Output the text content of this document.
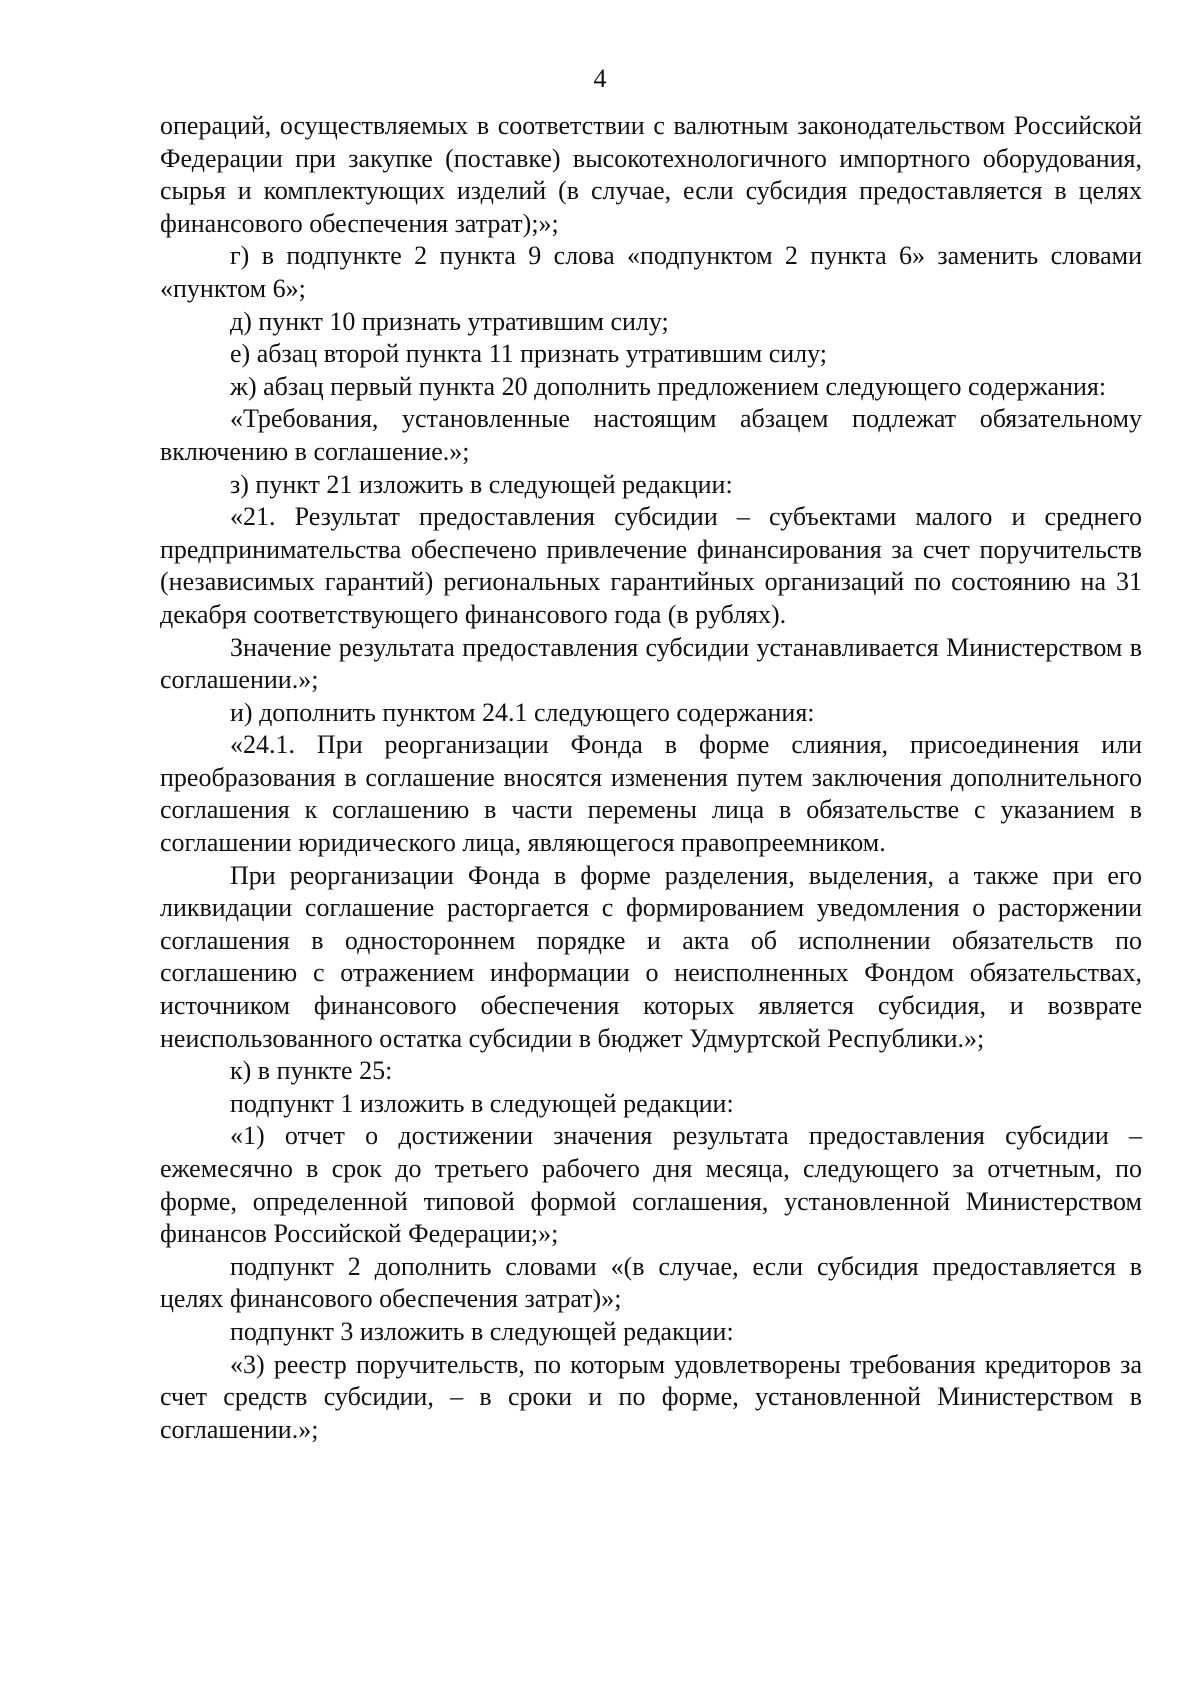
4

операций, осуществляемых в соответствии с валютным законодательством Российской Федерации при закупке (поставке) высокотехнологичного импортного оборудования, сырья и комплектующих изделий (в случае, если субсидия предоставляется в целях финансового обеспечения затрат);»;

г) в подпункте 2 пункта 9 слова «подпунктом 2 пункта 6» заменить словами «пунктом 6»;

д) пункт 10 признать утратившим силу;

е) абзац второй пункта 11 признать утратившим силу;

ж) абзац первый пункта 20 дополнить предложением следующего содержания:

«Требования, установленные настоящим абзацем подлежат обязательному включению в соглашение.»;

з) пункт 21 изложить в следующей редакции:

«21. Результат предоставления субсидии – субъектами малого и среднего предпринимательства обеспечено привлечение финансирования за счет поручительств (независимых гарантий) региональных гарантийных организаций по состоянию на 31 декабря соответствующего финансового года (в рублях).

Значение результата предоставления субсидии устанавливается Министерством в соглашении.»;

и) дополнить пунктом 24.1 следующего содержания:

«24.1. При реорганизации Фонда в форме слияния, присоединения или преобразования в соглашение вносятся изменения путем заключения дополнительного соглашения к соглашению в части перемены лица в обязательстве с указанием в соглашении юридического лица, являющегося правопреемником.

При реорганизации Фонда в форме разделения, выделения, а также при его ликвидации соглашение расторгается с формированием уведомления о расторжении соглашения в одностороннем порядке и акта об исполнении обязательств по соглашению с отражением информации о неисполненных Фондом обязательствах, источником финансового обеспечения которых является субсидия, и возврате неиспользованного остатка субсидии в бюджет Удмуртской Республики.»;

к) в пункте 25:

подпункт 1 изложить в следующей редакции:

«1) отчет о достижении значения результата предоставления субсидии – ежемесячно в срок до третьего рабочего дня месяца, следующего за отчетным, по форме, определенной типовой формой соглашения, установленной Министерством финансов Российской Федерации;»;

подпункт 2 дополнить словами «(в случае, если субсидия предоставляется в целях финансового обеспечения затрат)»;

подпункт 3 изложить в следующей редакции:

«3) реестр поручительств, по которым удовлетворены требования кредиторов за счет средств субсидии, – в сроки и по форме, установленной Министерством в соглашении.»;
